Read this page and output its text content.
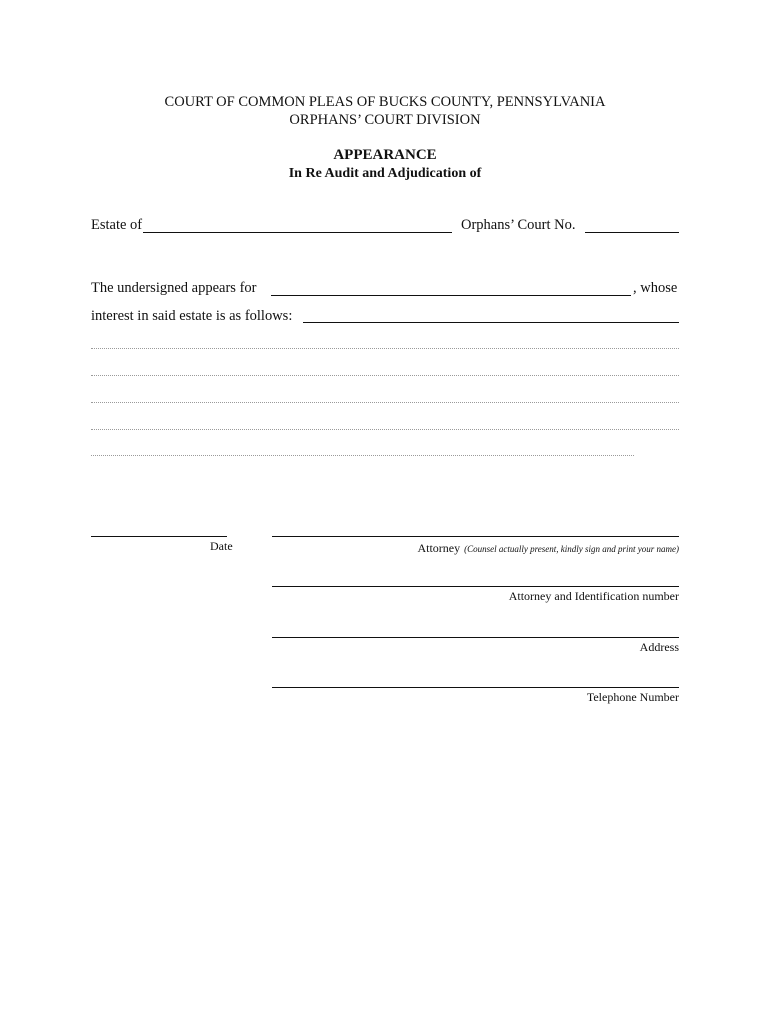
COURT OF COMMON PLEAS OF BUCKS COUNTY, PENNSYLVANIA
ORPHANS’ COURT DIVISION
APPEARANCE
In Re Audit and Adjudication of
Estate of	Orphans’ Court No.
The undersigned appears for	, whose
interest in said estate is as follows:
Date	Attorney (Counsel actually present, kindly sign and print your name)
Attorney and Identification number
Address
Telephone Number
